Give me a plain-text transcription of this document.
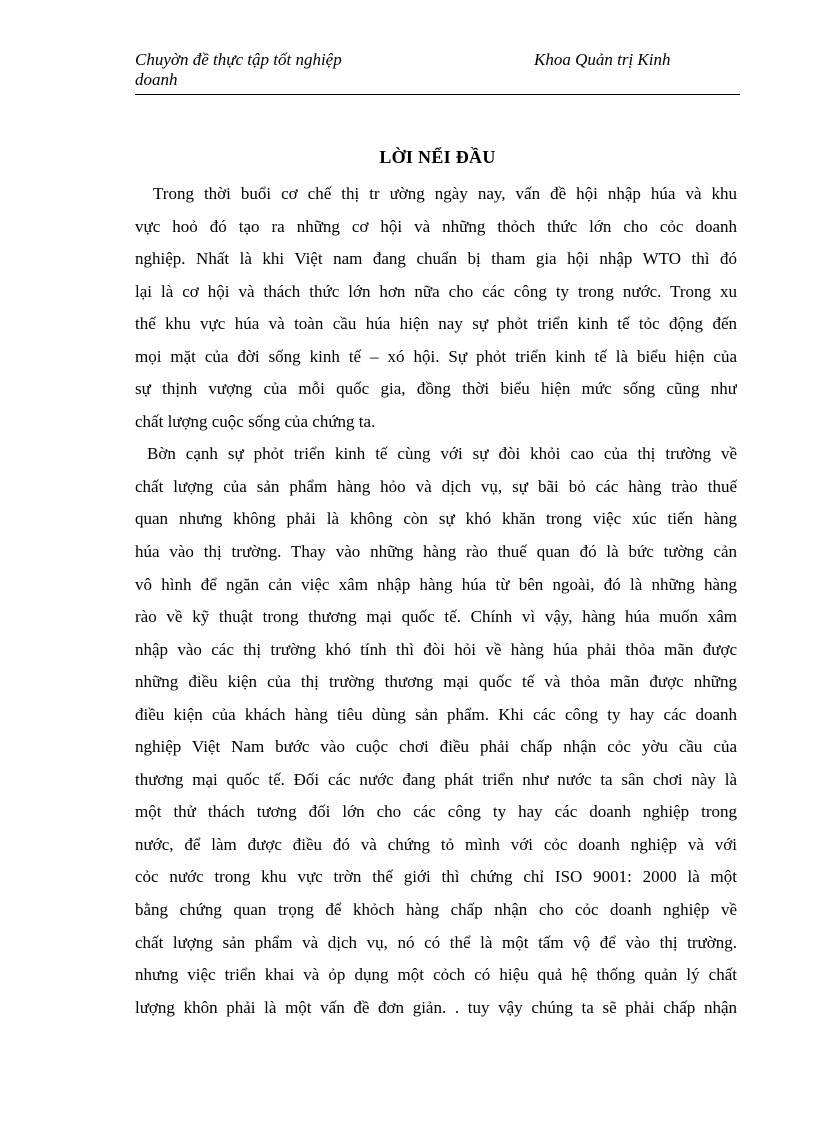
Chuyờn đề thực tập tốt nghiệp doanh
Khoa Quản trị Kinh
LỜI NỂI ĐẦU
Trong thời buổi cơ chế thị tr ường ngày nay, vấn đề hội nhập húa và khu
vực hoỏ đó tạo ra những cơ hội và những thỏch thức lớn cho cỏc doanh
nghiệp. Nhất là khi Việt nam đang chuẩn bị tham gia hội nhập WTO thì đó
lại là cơ hội và thách thức lớn hơn nữa cho các công ty trong nước. Trong xu
thế khu vực húa và toàn cầu húa hiện nay sự phỏt triển kinh tế tỏc động đến
mọi mặt của đời sống kinh tế – xó hội. Sự phỏt triển kinh tế là biểu hiện của
sự thịnh vượng của mỗi quốc gia, đồng thời biểu hiện mức sống cũng như
chất lượng cuộc sống của chứng ta.
Bờn cạnh sự phỏt triển kinh tế cùng với sự đòi khỏi cao của thị trường về
chất lượng của sản phẩm hàng hỏo và dịch vụ, sự bãi bỏ các hàng trào thuế
quan nhưng không phải là không còn sự khó khăn trong việc xúc tiến hàng
húa vào thị trường. Thay vào những hàng rào thuế quan đó là bức tường cản
vô hình để ngăn cản việc xâm nhập hàng húa từ bên ngoài, đó là những hàng
rào về kỹ thuật trong thương mại quốc tế. Chính vì vậy, hàng húa muốn xâm
nhập vào các thị trường khó tính thì đòi hỏi về hàng húa phải thỏa mãn được
những điều kiện của thị trường thương mại quốc tế và thỏa mãn được những
điều kiện của khách hàng tiêu dùng sản phẩm. Khi các công ty hay các doanh
nghiệp Việt Nam bước vào cuộc chơi điều phải chấp nhận cỏc yờu cầu của
thương mại quốc tế. Đối các nước đang phát triển như nước ta sân chơi này là
một thử thách tương đối lớn cho các công ty hay các doanh nghiệp trong
nước, để làm được điều đó và chứng tỏ mình với cỏc doanh nghiệp và với
cỏc nước trong khu vực trờn thế giới thì chứng chỉ ISO 9001: 2000 là một
bằng chứng quan trọng để khỏch hàng chấp nhận cho cỏc doanh nghiệp về
chất lượng sản phẩm và dịch vụ, nó có thể là một tấm vộ để vào thị trường.
nhưng việc triển khai và ỏp dụng một cỏch có hiệu quả hệ thống quản lý chất
lượng khôn phải là một vấn đề đơn giản. . tuy vậy chúng ta sẽ phải chấp nhận
